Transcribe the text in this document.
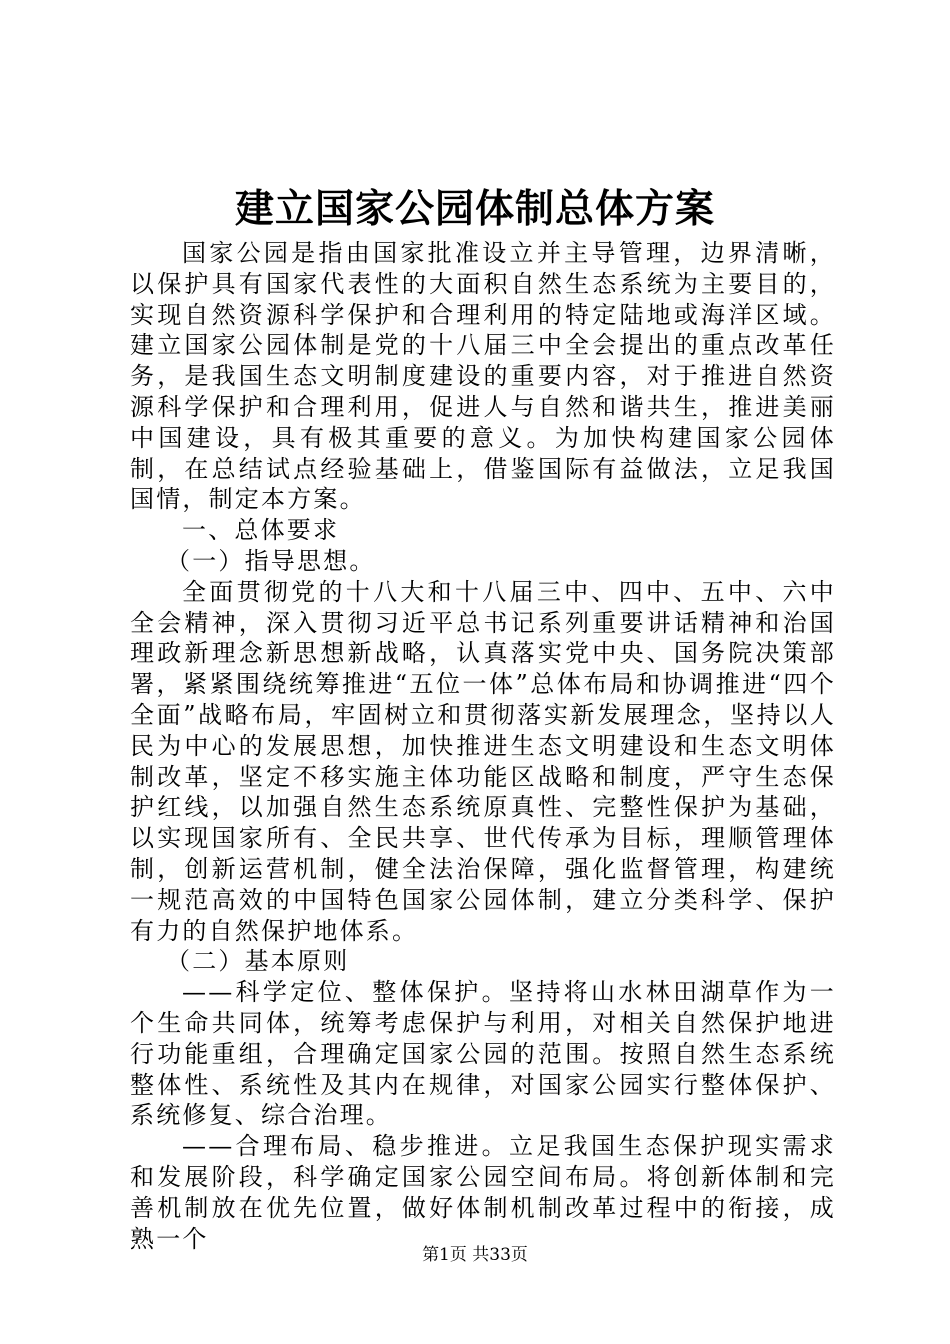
建立国家公园体制总体方案

国家公园是指由国家批准设立并主导管理，边界清晰，以保护具有国家代表性的大面积自然生态系统为主要目的，实现自然资源科学保护和合理利用的特定陆地或海洋区域。建立国家公园体制是党的十八届三中全会提出的重点改革任务，是我国生态文明制度建设的重要内容，对于推进自然资源科学保护和合理利用，促进人与自然和谐共生，推进美丽中国建设，具有极其重要的意义。为加快构建国家公园体制，在总结试点经验基础上，借鉴国际有益做法，立足我国国情，制定本方案。

一、总体要求

（一）指导思想。

全面贯彻党的十八大和十八届三中、四中、五中、六中全会精神，深入贯彻习近平总书记系列重要讲话精神和治国理政新理念新思想新战略，认真落实党中央、国务院决策部署，紧紧围绕统筹推进“五位一体”总体布局和协调推进“四个全面”战略布局，牢固树立和贯彻落实新发展理念，坚持以人民为中心的发展思想，加快推进生态文明建设和生态文明体制改革，坚定不移实施主体功能区战略和制度，严守生态保护红线，以加强自然生态系统原真性、完整性保护为基础，以实现国家所有、全民共享、世代传承为目标，理顺管理体制，创新运营机制，健全法治保障，强化监督管理，构建统一规范高效的中国特色国家公园体制，建立分类科学、保护有力的自然保护地体系。

（二）基本原则

——科学定位、整体保护。坚持将山水林田湖草作为一个生命共同体，统筹考虑保护与利用，对相关自然保护地进行功能重组，合理确定国家公园的范围。按照自然生态系统整体性、系统性及其内在规律，对国家公园实行整体保护、系统修复、综合治理。

——合理布局、稳步推进。立足我国生态保护现实需求和发展阶段，科学确定国家公园空间布局。将创新体制和完善机制放在优先位置，做好体制机制改革过程中的衔接，成熟一个

第1页 共33页
